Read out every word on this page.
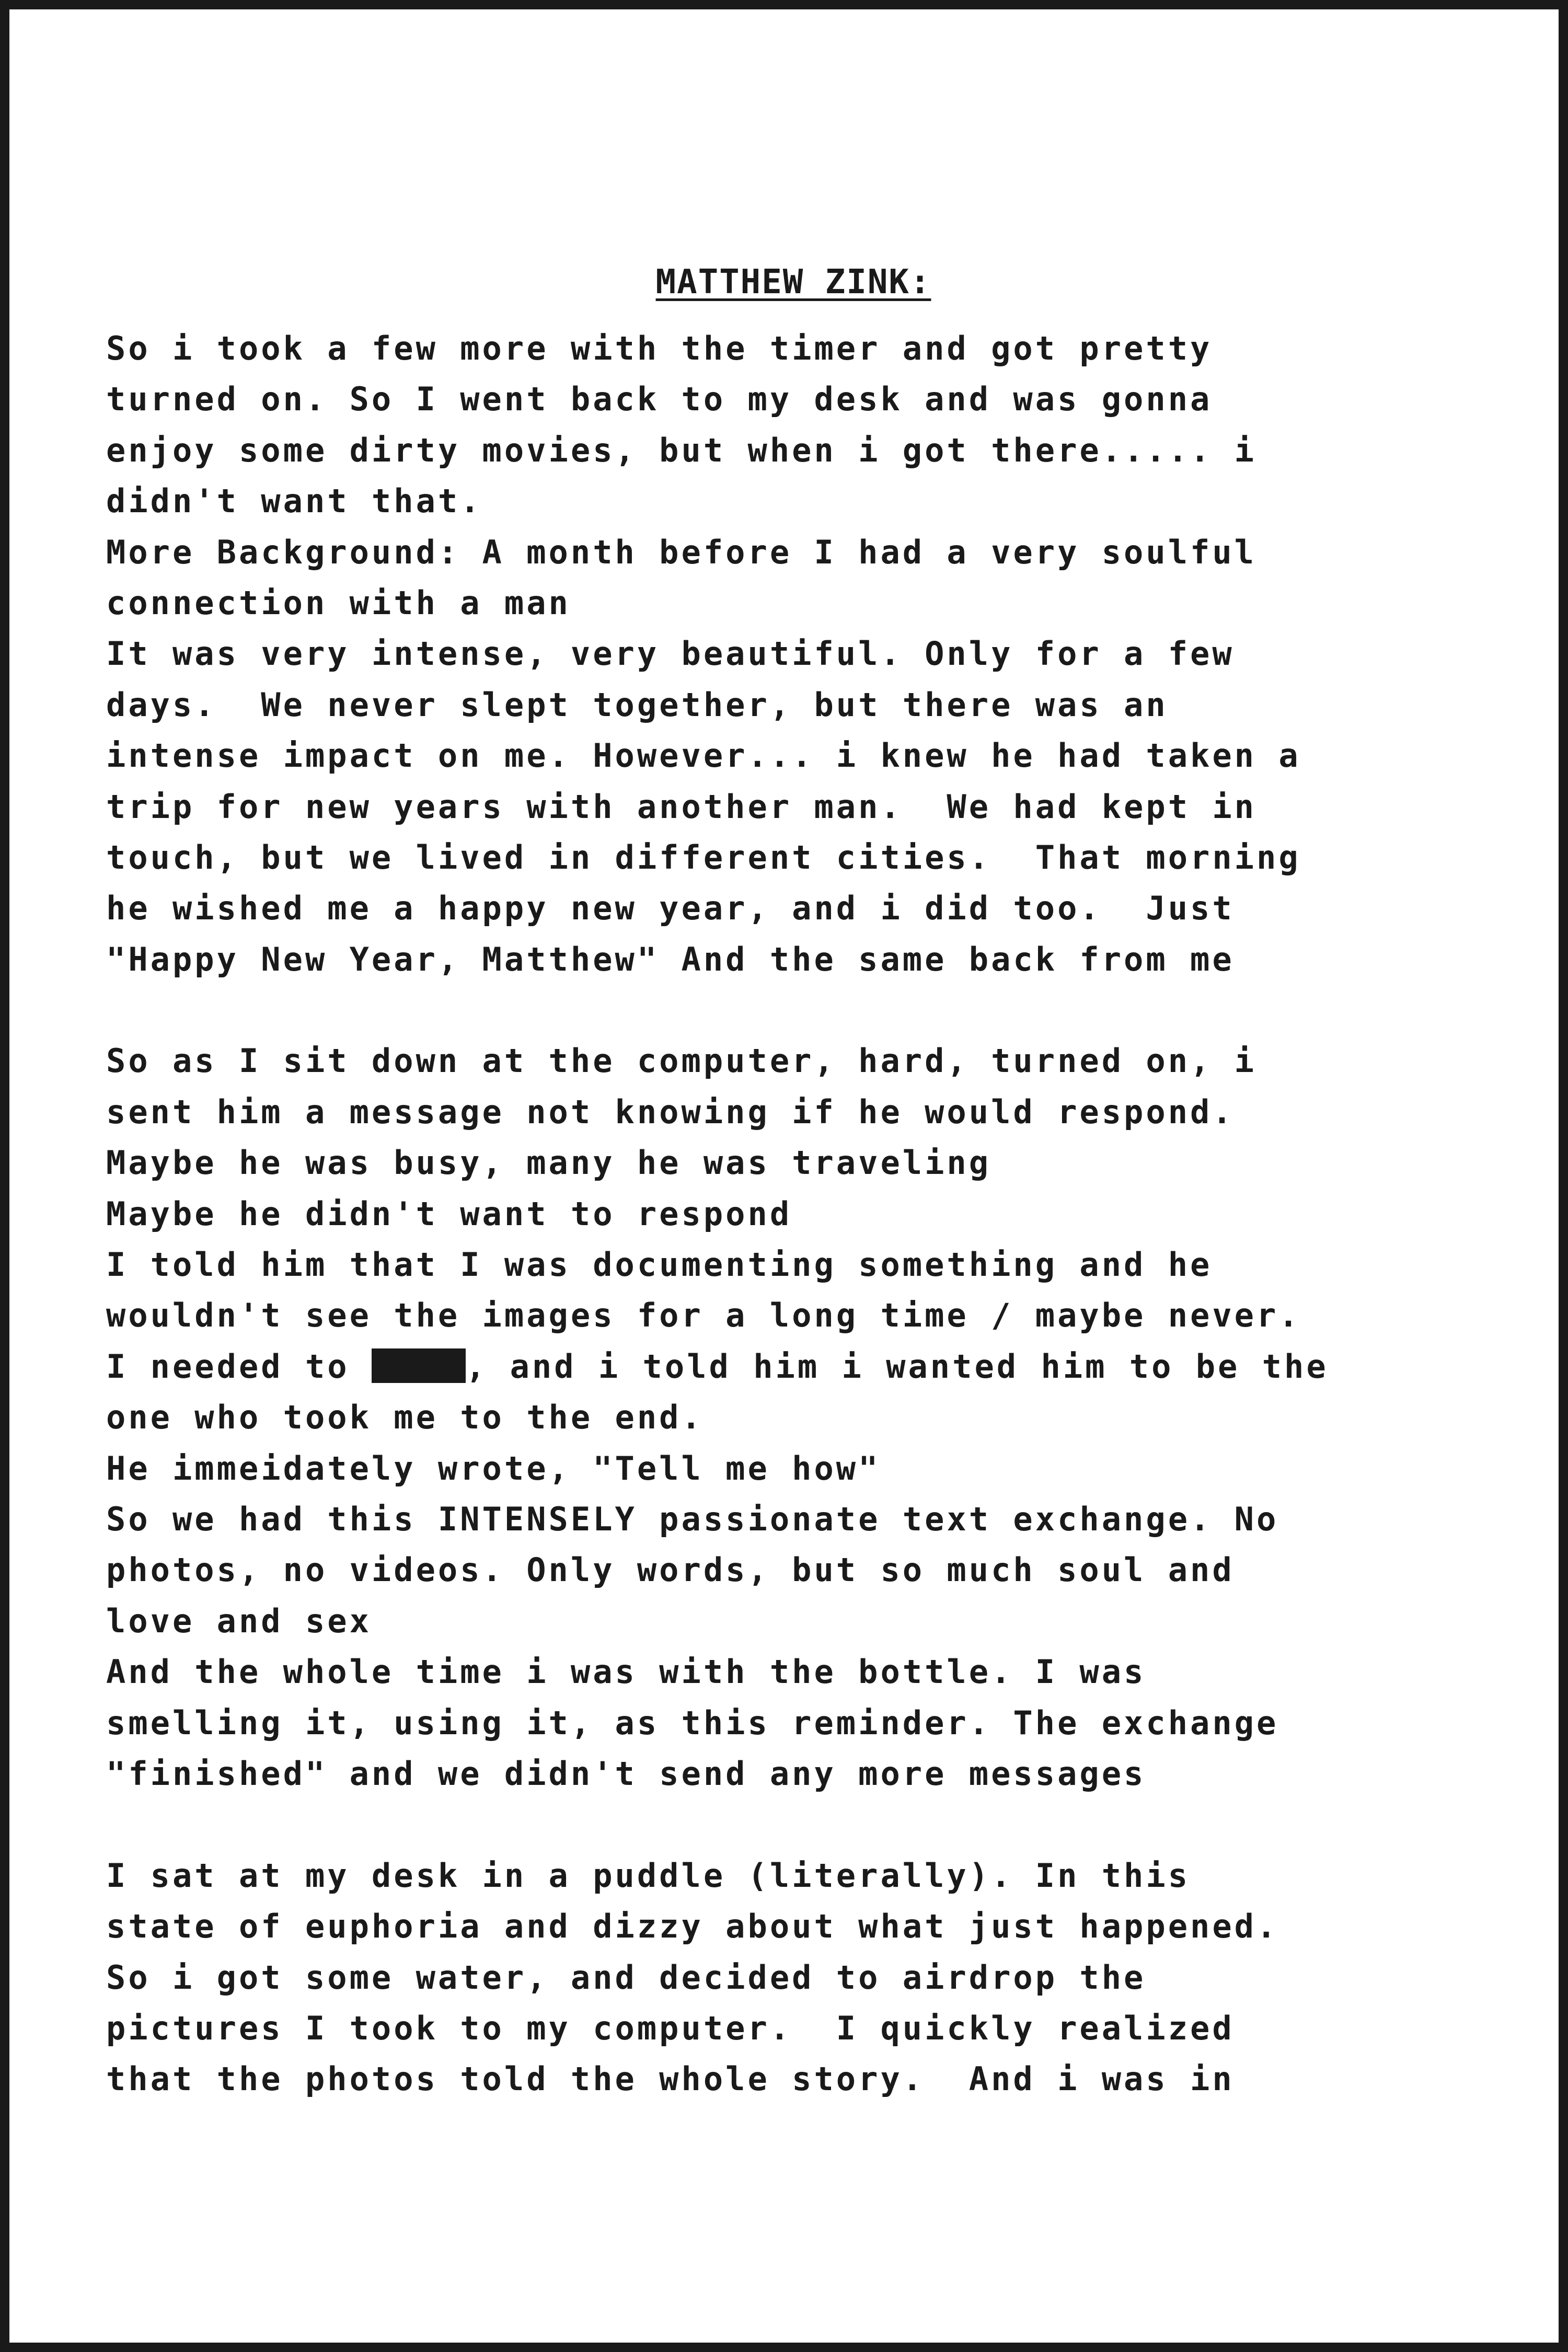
MATTHEW ZINK:
So i took a few more with the timer and got pretty
turned on. So I went back to my desk and was gonna
enjoy some dirty movies, but when i got there..... i
didn't want that.
More Background: A month before I had a very soulful
connection with a man
It was very intense, very beautiful. Only for a few
days.  We never slept together, but there was an
intense impact on me. However... i knew he had taken a
trip for new years with another man.  We had kept in
touch, but we lived in different cities.  That morning
he wished me a happy new year, and i did too.  Just
"Happy New Year, Matthew" And the same back from me
So as I sit down at the computer, hard, turned on, i
sent him a message not knowing if he would respond.
Maybe he was busy, many he was traveling
Maybe he didn't want to respond
I told him that I was documenting something and he
wouldn't see the images for a long time / maybe never.
I needed to	, and i told him i wanted him to be the
one who took me to the end.
He immeidately wrote, "Tell me how"
So we had this INTENSELY passionate text exchange. No
photos, no videos. Only words, but so much soul and
love and sex
And the whole time i was with the bottle. I was
smelling it, using it, as this reminder. The exchange
"finished" and we didn't send any more messages
I sat at my desk in a puddle (literally). In this
state of euphoria and dizzy about what just happened.
So i got some water, and decided to airdrop the
pictures I took to my computer.  I quickly realized
that the photos told the whole story.  And i was in
